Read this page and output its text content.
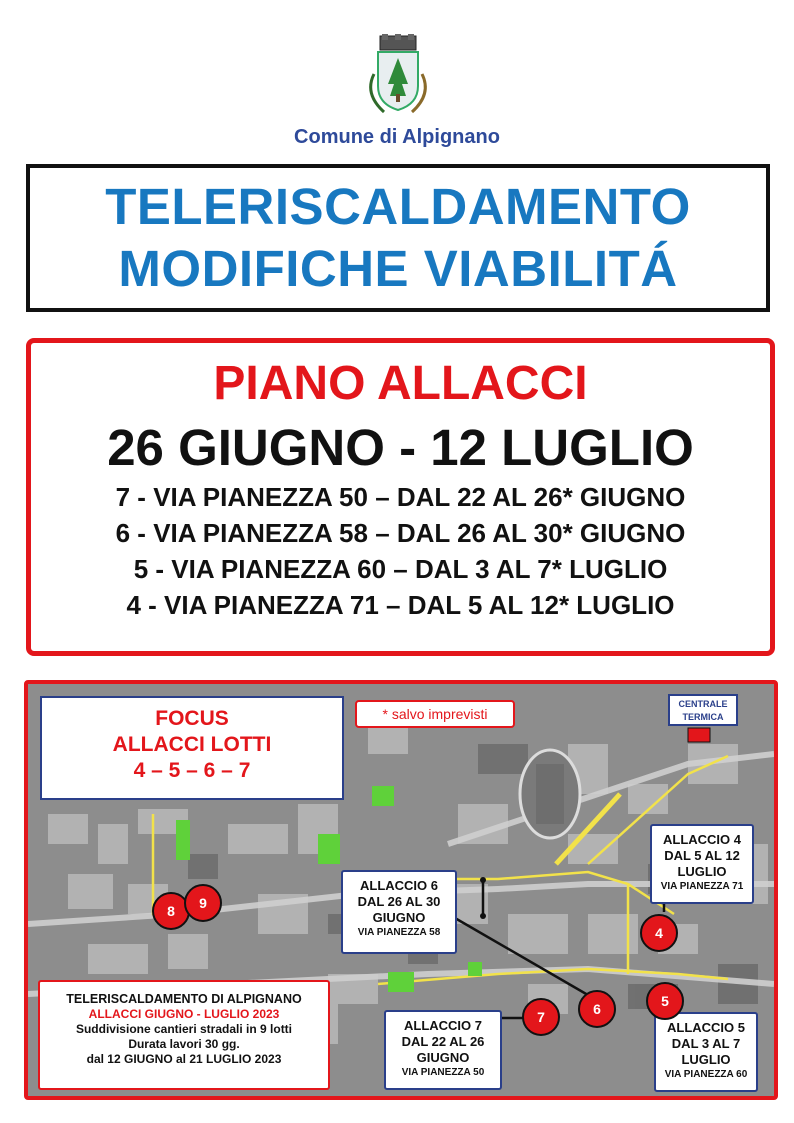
Comune di Alpignano
TELERISCALDAMENTO
MODIFICHE VIABILITÁ
PIANO ALLACCI
26 GIUGNO - 12 LUGLIO
7 - VIA PIANEZZA 50 – DAL 22 AL 26* GIUGNO
6 - VIA PIANEZZA 58 – DAL 26 AL 30* GIUGNO
5 - VIA PIANEZZA 60 – DAL 3 AL 7* LUGLIO
4 - VIA PIANEZZA 71 – DAL 5 AL 12* LUGLIO
FOCUS
ALLACCI LOTTI
4 – 5 – 6 – 7
* salvo imprevisti
CENTRALE
TERMICA
ALLACCIO 4
DAL 5 AL 12
LUGLIO
VIA PIANEZZA 71
ALLACCIO 6
DAL 26 AL 30
GIUGNO
VIA PIANEZZA 58
ALLACCIO 7
DAL 22 AL 26
GIUGNO
VIA PIANEZZA 50
ALLACCIO 5
DAL 3 AL 7
LUGLIO
VIA PIANEZZA 60
TELERISCALDAMENTO DI ALPIGNANO
ALLACCI GIUGNO - LUGLIO 2023
Suddivisione cantieri stradali in 9 lotti
Durata lavori 30 gg.
dal 12 GIUGNO al 21 LUGLIO 2023
8	9
4
5
6
7
